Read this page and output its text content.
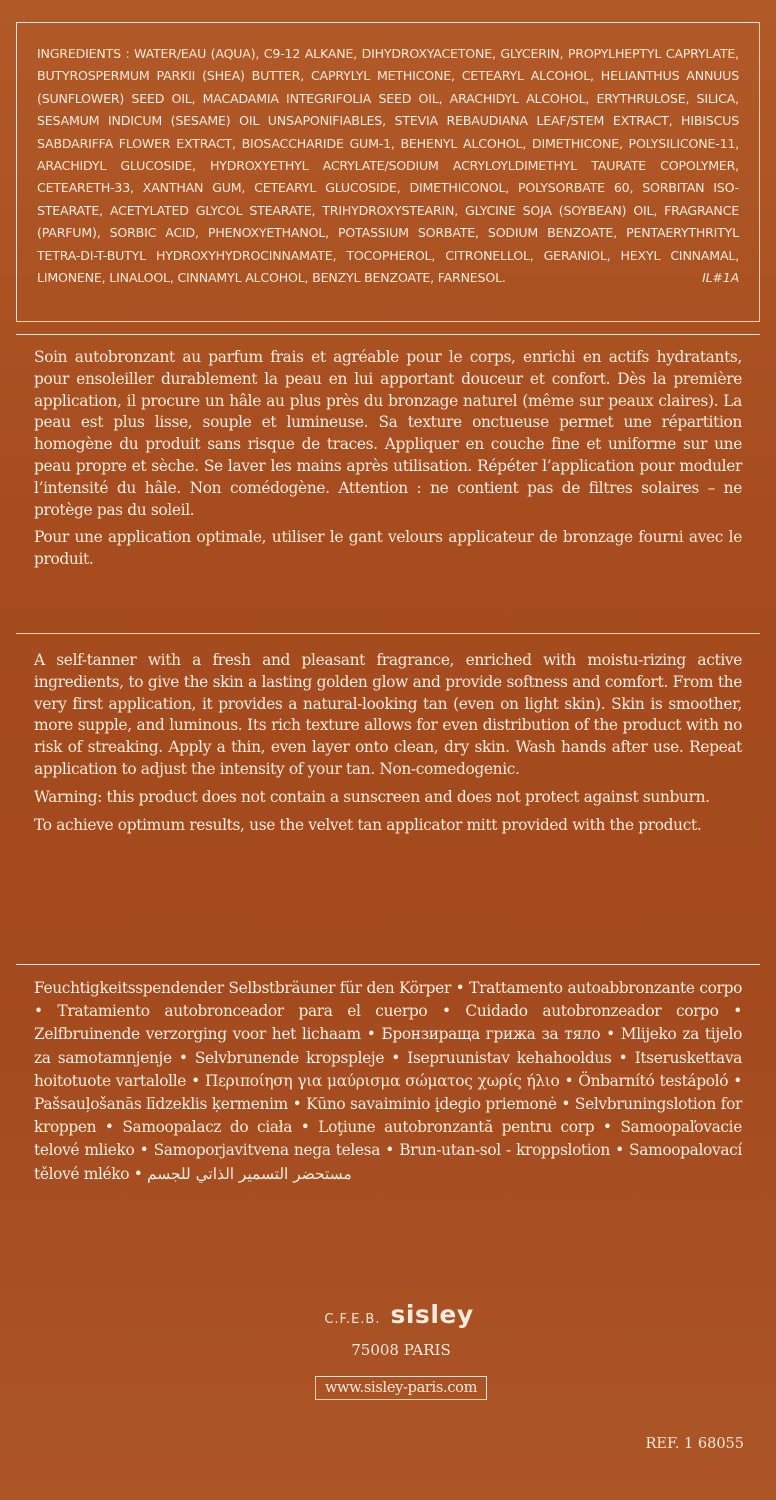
INGREDIENTS : WATER/EAU (AQUA), C9-12 ALKANE, DIHYDROXYACETONE, GLYCERIN, PROPYLHEPTYL CAPRYLATE, BUTYROSPERMUM PARKII (SHEA) BUTTER, CAPRYLYL METHICONE, CETEARYL ALCOHOL, HELIANTHUS ANNUUS (SUNFLOWER) SEED OIL, MACADAMIA INTEGRIFOLIA SEED OIL, ARACHIDYL ALCOHOL, ERYTHRULOSE, SILICA, SESAMUM INDICUM (SESAME) OIL UNSAPONIFIABLES, STEVIA REBAUDIANA LEAF/STEM EXTRACT, HIBISCUS SABDARIFFA FLOWER EXTRACT, BIOSACCHARIDE GUM-1, BEHENYL ALCOHOL, DIMETHICONE, POLYSILICONE-11, ARACHIDYL GLUCOSIDE, HYDROXYETHYL ACRYLATE/SODIUM ACRYLOYLDIMETHYL TAURATE COPOLYMER, CETEARETH-33, XANTHAN GUM, CETEARYL GLUCOSIDE, DIMETHICONOL, POLYSORBATE 60, SORBITAN ISO-STEARATE, ACETYLATED GLYCOL STEARATE, TRIHYDROXYSTEARIN, GLYCINE SOJA (SOYBEAN) OIL, FRAGRANCE (PARFUM), SORBIC ACID, PHENOXYETHANOL, POTASSIUM SORBATE, SODIUM BENZOATE, PENTAERYTHRITYL TETRA-DI-T-BUTYL HYDROXYHYDROCINNAMATE, TOCOPHEROL, CITRONELLOL, GERANIOL, HEXYL CINNAMAL, LIMONENE, LINALOOL, CINNAMYL ALCOHOL, BENZYL BENZOATE, FARNESOL.	IL#1A

Soin autobronzant au parfum frais et agréable pour le corps, enrichi en actifs hydratants, pour ensoleiller durablement la peau en lui apportant douceur et confort. Dès la première application, il procure un hâle au plus près du bronzage naturel (même sur peaux claires). La peau est plus lisse, souple et lumineuse. Sa texture onctueuse permet une répartition homogène du produit sans risque de traces. Appliquer en couche fine et uniforme sur une peau propre et sèche. Se laver les mains après utilisation. Répéter l’application pour moduler l’intensité du hâle. Non comédogène. Attention : ne contient pas de filtres solaires – ne protège pas du soleil.

Pour une application optimale, utiliser le gant velours applicateur de bronzage fourni avec le produit.

A self-tanner with a fresh and pleasant fragrance, enriched with moistu-rizing active ingredients, to give the skin a lasting golden glow and provide softness and comfort. From the very first application, it provides a natural-looking tan (even on light skin). Skin is smoother, more supple, and luminous. Its rich texture allows for even distribution of the product with no risk of streaking. Apply a thin, even layer onto clean, dry skin. Wash hands after use. Repeat application to adjust the intensity of your tan. Non-comedogenic.

Warning: this product does not contain a sunscreen and does not protect against sunburn.

To achieve optimum results, use the velvet tan applicator mitt provided with the product.

Feuchtigkeitsspendender Selbstbräuner für den Körper • Trattamento autoabbronzante corpo • Tratamiento autobronceador para el cuerpo • Cuidado autobronzeador corpo • Zelfbruinende verzorging voor het lichaam • Бронзираща грижа за тяло • Mlijeko za tijelo za samotamnjenje • Selvbrunende kropspleje • Isepruunistav kehahooldus • Itseruskettava hoitotuote vartalolle • Περιποίηση για μαύρισμα σώματος χωρίς ήλιο • Önbarnító testápoló • Pašsauļošanās līdzeklis ķermenim • Kūno savaiminio įdegio priemonė • Selvbruningslotion for kroppen • Samoopalacz do ciała • Loţiune autobronzantă pentru corp • Samoopaľovacie telové mlieko • Samoporjavitvena nega telesa • Brun-utan-sol - kroppslotion • Samoopalovací tělové mléko • مستحضر التسمير الذاتي للجسم

C.F.E.B. sisley
75008 PARIS
www.sisley-paris.com
REF. 1 68055
